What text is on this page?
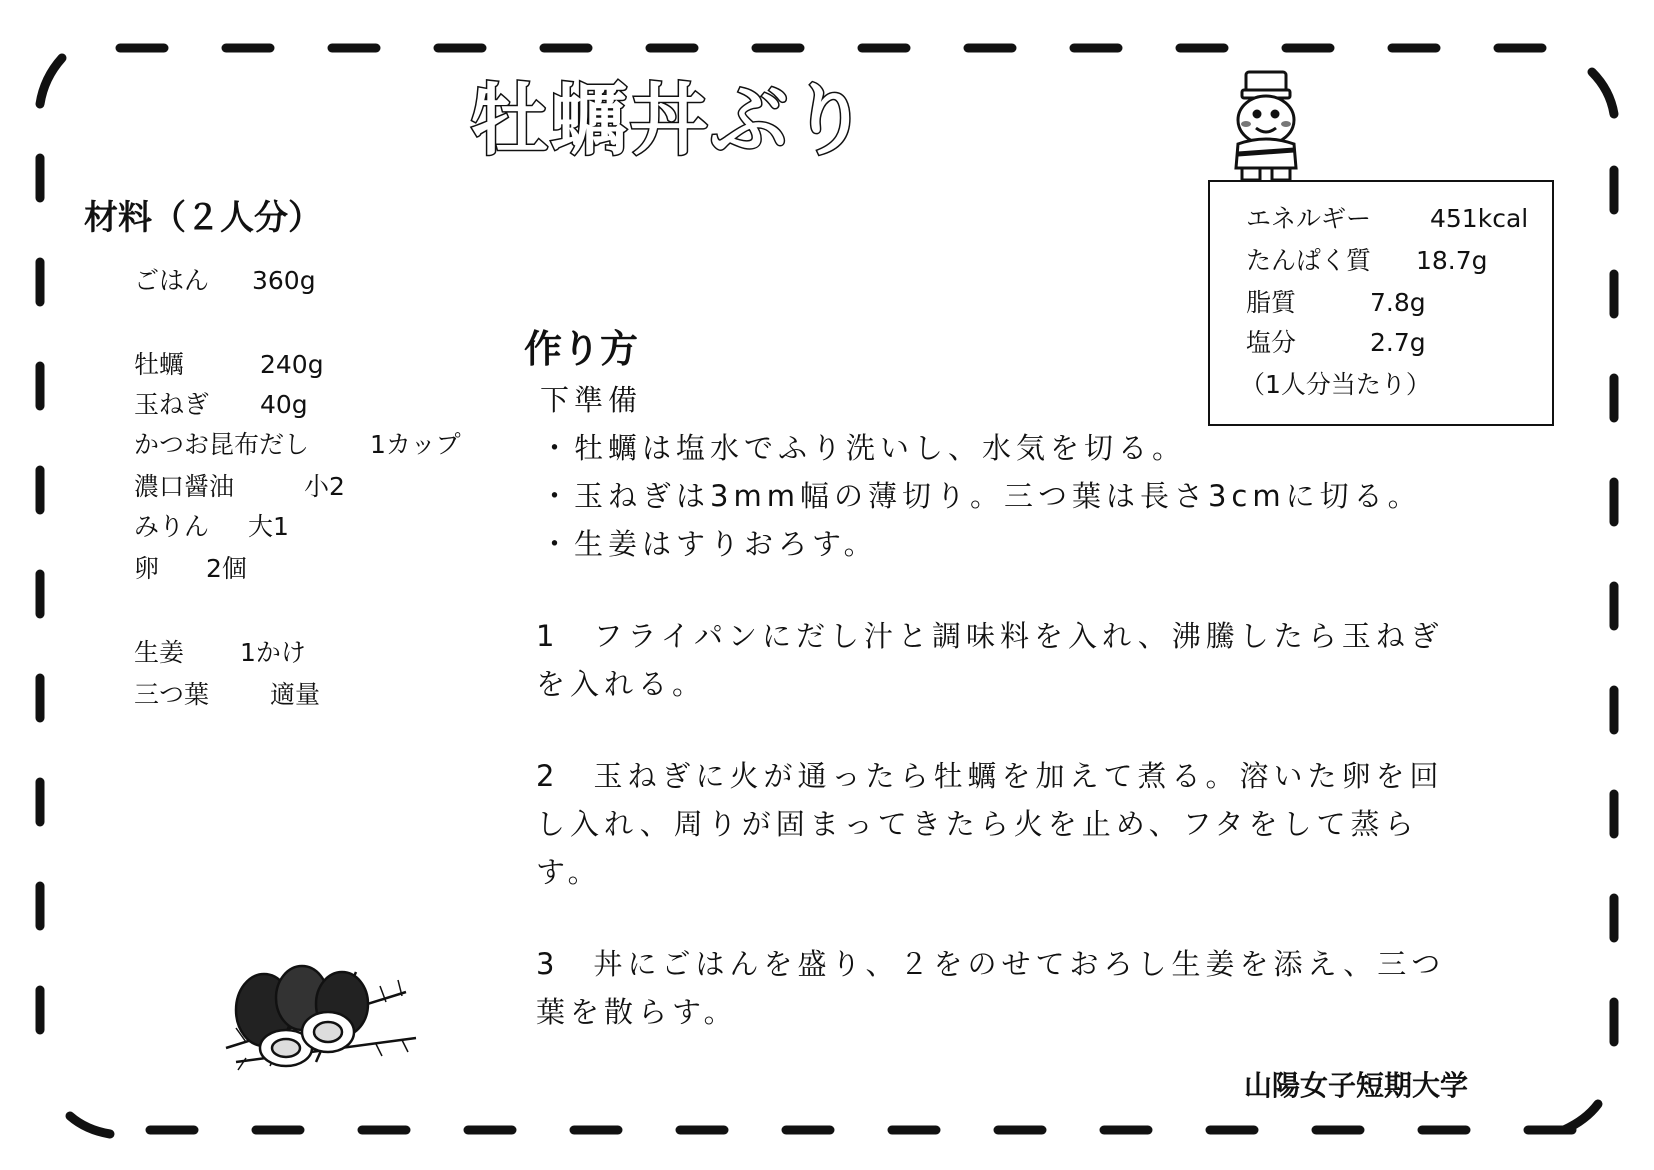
牡蠣丼ぶり
材料（２人分）
ごはん 360g
牡蠣	240g
玉ねぎ 40g
かつお昆布だし 1カップ
濃口醤油	小2
みりん 大1
卵 2個
生姜 1かけ
三つ葉 適量
エネルギー 451kcal
たんぱく質 18.7g
脂質	7.8g
塩分	2.7g
（1人分当たり）
作り方
下準備
・牡蠣は塩水でふり洗いし、水気を切る。
・玉ねぎは3mm幅の薄切り。三つ葉は長さ3cmに切る。
・生姜はすりおろす。
1　フライパンにだし汁と調味料を入れ、沸騰したら玉ねぎ
を入れる。
2　玉ねぎに火が通ったら牡蠣を加えて煮る。溶いた卵を回
し入れ、周りが固まってきたら火を止め、フタをして蒸ら
す。
3　丼にごはんを盛り、２をのせておろし生姜を添え、三つ
葉を散らす。
山陽女子短期大学
